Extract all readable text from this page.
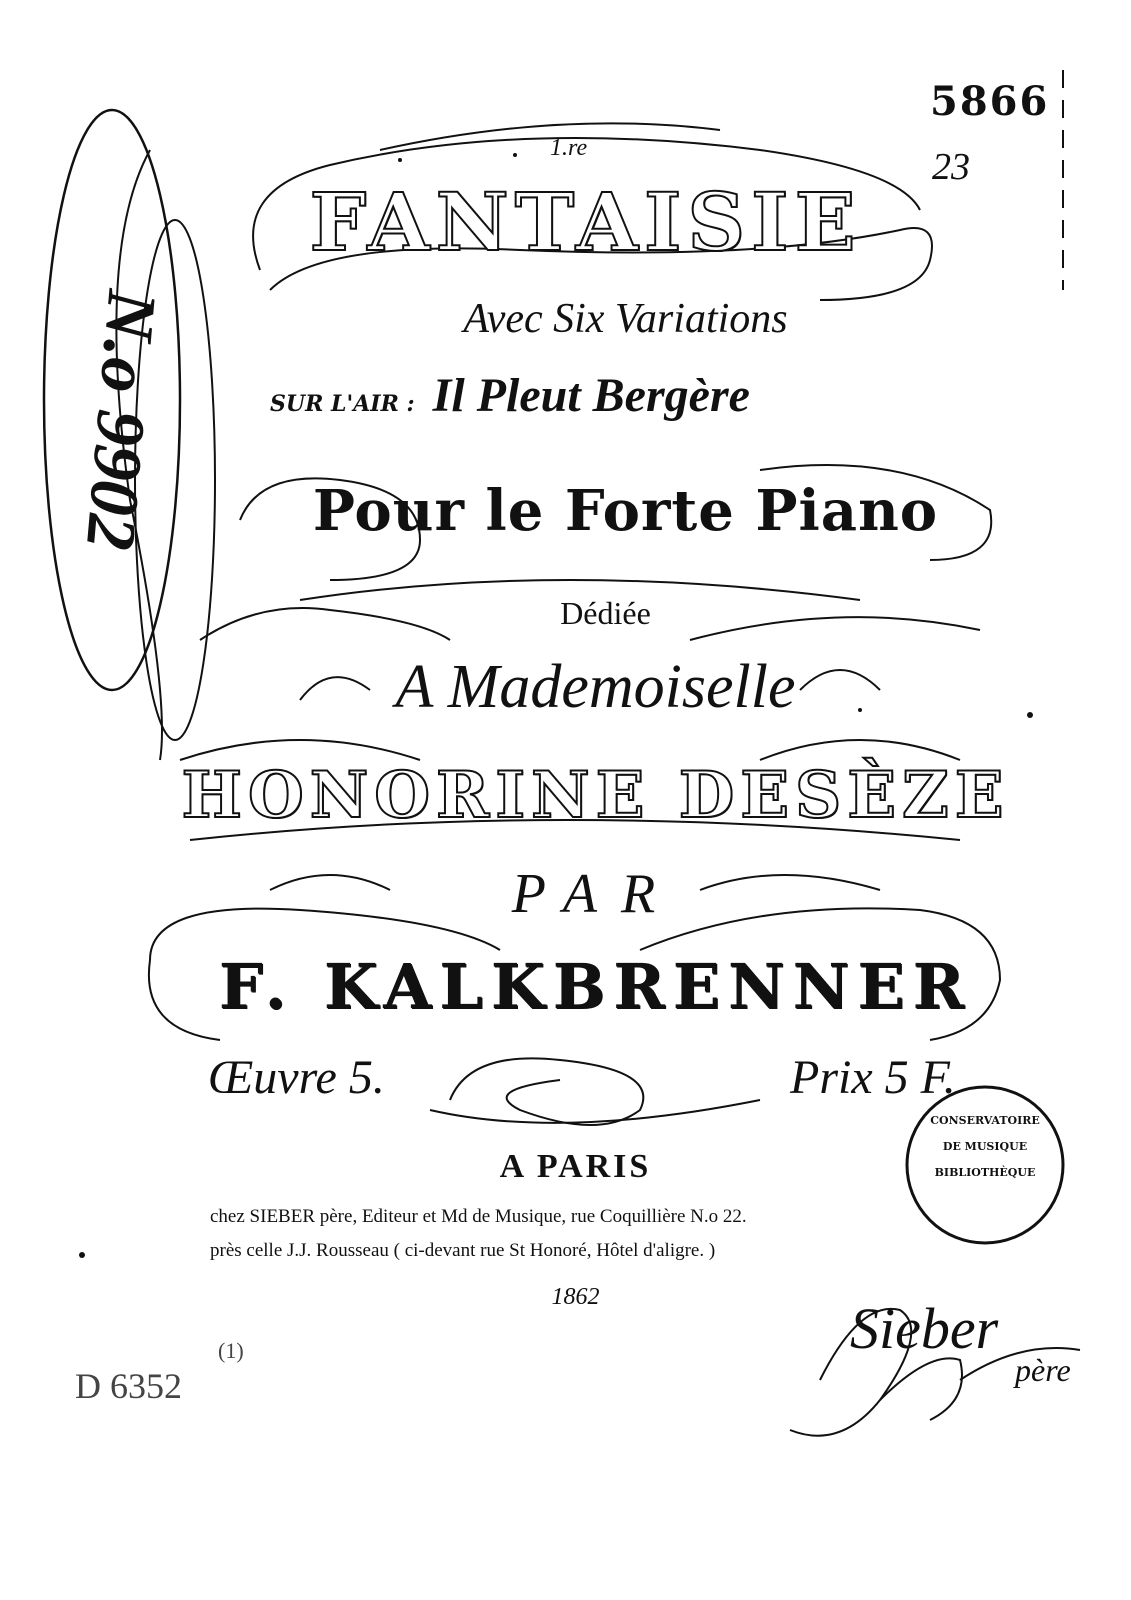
5866
23
N.o 9902
1.re
FANTAISIE
Avec Six Variations
SUR L'AIR : Il Pleut Bergère
Pour le Forte Piano
Dédiée
A Mademoiselle
HONORINE DESÈZE
PAR
F. KALKBRENNER
Œuvre 5.	Prix 5 F.
A PARIS
chez SIEBER père, Editeur et Md de Musique, rue Coquillière N.o 22.
près celle J.J. Rousseau ( ci-devant rue St Honoré, Hôtel d'aligre. )
1862
CONSERVATOIRE
DE MUSIQUE
BIBLIOTHÈQUE
Sieber
père
D 6352
(1)
